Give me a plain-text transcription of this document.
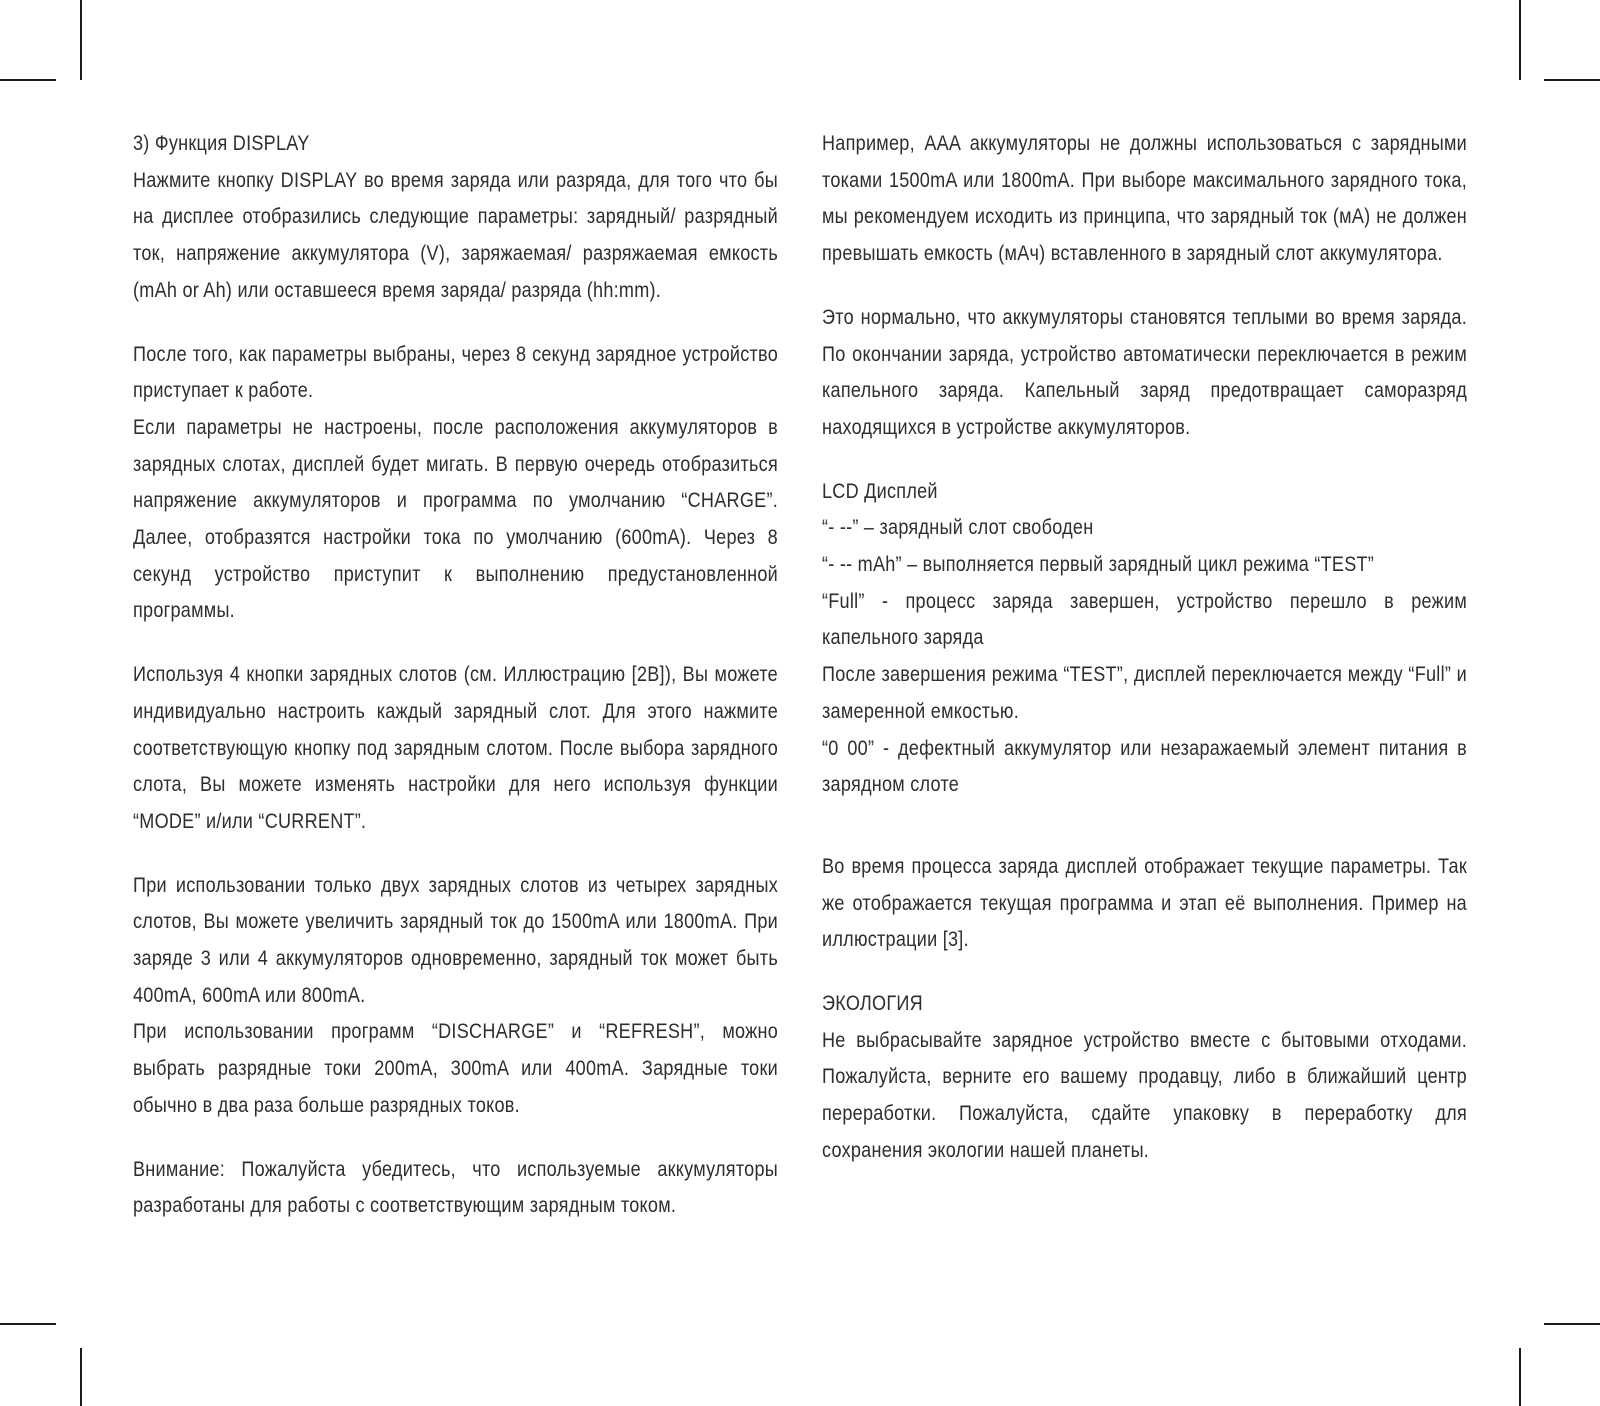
3) Функция DISPLAY

Нажмите кнопку DISPLAY во время заряда или разряда, для того что бы на дисплее отобразились следующие параметры: зарядный/ разрядный ток, напряжение аккумулятора (V), заряжаемая/ разряжаемая емкость (mAh or Ah) или оставшееся время заряда/ разряда (hh:mm).

После того, как параметры выбраны, через 8 секунд зарядное устройство приступает к работе.

Если параметры не настроены, после расположения аккумуляторов в зарядных слотах, дисплей будет мигать. В первую очередь отобразиться напряжение аккумуляторов и программа по умолчанию “CHARGE”. Далее, отобразятся настройки тока по умолчанию (600mA). Через 8 секунд устройство приступит к выполнению предустановленной программы.

Используя 4 кнопки зарядных слотов (см. Иллюстрацию [2B]), Вы можете индивидуально настроить каждый зарядный слот. Для этого нажмите соответствующую кнопку под зарядным слотом. После выбора зарядного слота, Вы можете изменять настройки для него используя функции “MODE” и/или “CURRENT”.

При использовании только двух зарядных слотов из четырех зарядных слотов, Вы можете увеличить зарядный ток до 1500mA или 1800mA. При заряде 3 или 4 аккумуляторов одновременно, зарядный ток может быть 400mA, 600mA или 800mA.

При использовании программ “DISCHARGE” и “REFRESH”, можно выбрать разрядные токи 200mA, 300mA или 400mA. Зарядные токи обычно в два раза больше разрядных токов.

Внимание: Пожалуйста убедитесь, что используемые аккумуляторы разработаны для работы с соответствующим зарядным током.

Например, AAA аккумуляторы не должны использоваться с зарядными токами 1500mA или 1800mA. При выборе максимального зарядного тока, мы рекомендуем исходить из принципа, что зарядный ток (мА) не должен превышать емкость (мАч) вставленного в зарядный слот аккумулятора.

Это нормально, что аккумуляторы становятся теплыми во время заряда. По окончании заряда, устройство автоматически переключается в режим капельного заряда. Капельный заряд предотвращает саморазряд находящихся в устройстве аккумуляторов.

LCD Дисплей

“- --” – зарядный слот свободен

“- -- mAh” – выполняется первый зарядный цикл режима “TEST”

“Full” - процесс заряда завершен, устройство перешло в режим капельного заряда

После завершения режима “TEST”, дисплей переключается между “Full” и замеренной емкостью.

“0 00” - дефектный аккумулятор или незаражаемый элемент питания в зарядном слоте

Во время процесса заряда дисплей отображает текущие параметры. Так же отображается текущая программа и этап её выполнения. Пример на иллюстрации [3].

ЭКОЛОГИЯ

Не выбрасывайте зарядное устройство вместе с бытовыми отходами. Пожалуйста, верните его вашему продавцу, либо в ближайший центр переработки. Пожалуйста, сдайте упаковку в переработку для сохранения экологии нашей планеты.
